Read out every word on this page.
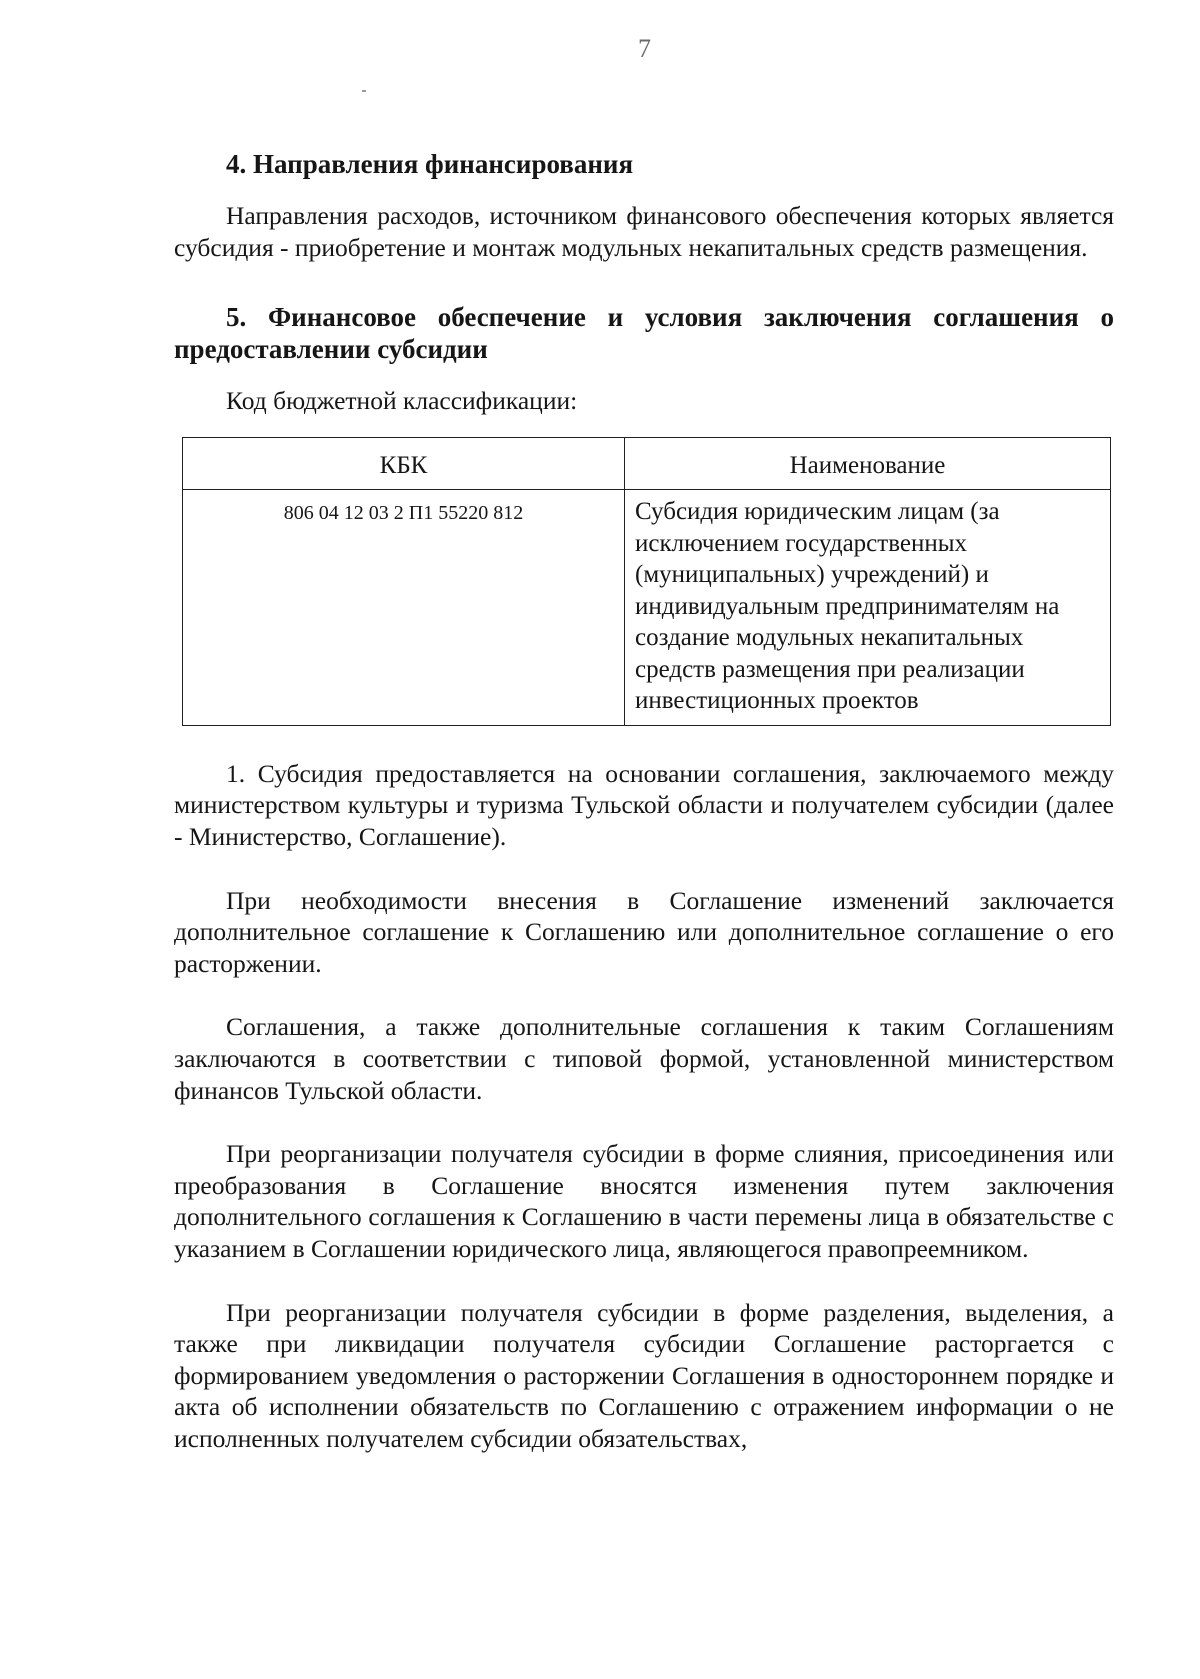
7
4. Направления финансирования

Направления расходов, источником финансового обеспечения которых является субсидия - приобретение и монтаж модульных некапитальных средств размещения.

5. Финансовое обеспечение и условия заключения соглашения о предоставлении субсидии

Код бюджетной классификации:

КБК	Наименование
806 04 12 03 2 П1 55220 812	Субсидия юридическим лицам (за исключением государственных (муниципальных) учреждений) и индивидуальным предпринимателям на создание модульных некапитальных средств размещения при реализации инвестиционных проектов

1. Субсидия предоставляется на основании соглашения, заключаемого между министерством культуры и туризма Тульской области и получателем субсидии (далее - Министерство, Соглашение).

При необходимости внесения в Соглашение изменений заключается дополнительное соглашение к Соглашению или дополнительное соглашение о его расторжении.

Соглашения, а также дополнительные соглашения к таким Соглашениям заключаются в соответствии с типовой формой, установленной министерством финансов Тульской области.

При реорганизации получателя субсидии в форме слияния, присоединения или преобразования в Соглашение вносятся изменения путем заключения дополнительного соглашения к Соглашению в части перемены лица в обязательстве с указанием в Соглашении юридического лица, являющегося правопреемником.

При реорганизации получателя субсидии в форме разделения, выделения, а также при ликвидации получателя субсидии Соглашение расторгается с формированием уведомления о расторжении Соглашения в одностороннем порядке и акта об исполнении обязательств по Соглашению с отражением информации о не исполненных получателем субсидии обязательствах,
